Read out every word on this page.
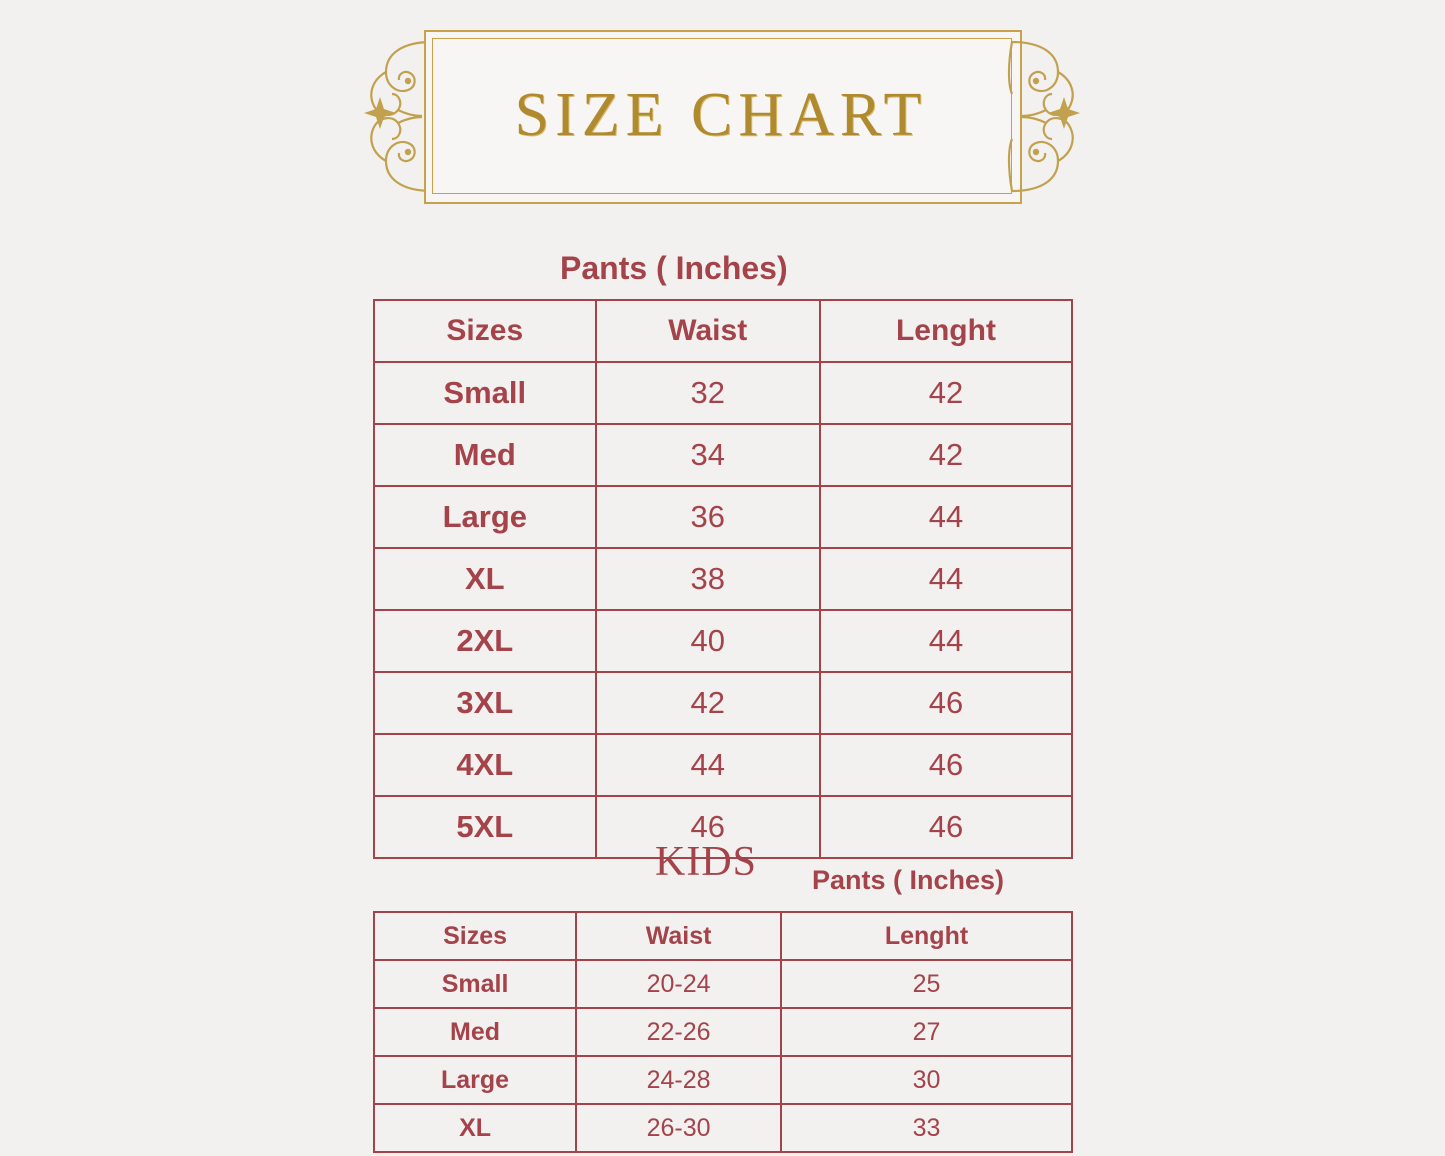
SIZE CHART
Pants ( Inches)
Sizes	Waist	Lenght
Small	32	42
Med	34	42
Large	36	44
XL	38	44
2XL	40	44
3XL	42	46
4XL	44	46
5XL	46	46
KIDS Pants ( Inches)
Sizes	Waist	Lenght
Small	20-24	25
Med	22-26	27
Large	24-28	30
XL	26-30	33
